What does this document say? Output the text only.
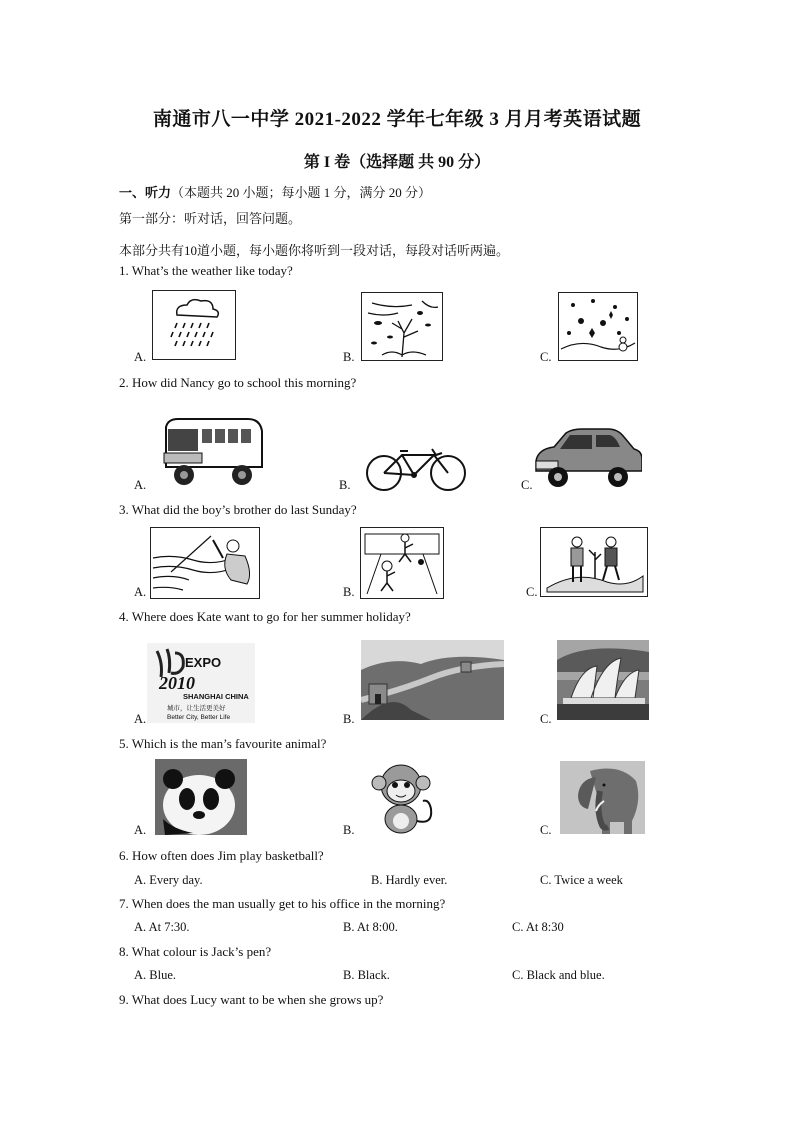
南通市八一中学 2021-2022 学年七年级 3 月月考英语试题
第 I 卷（选择题 共 90 分）
一、听力（本题共 20 小题；每小题 1 分，满分 20 分）
第一部分：听对话，回答问题。
本部分共有10道小题，每小题你将听到一段对话，每段对话听两遍。
1. What’s the weather like today?
A.	B.	C.
2. How did Nancy go to school this morning?
A.	B.	C.
3. What did the boy’s brother do last Sunday?
A.	B.	C.
4. Where does Kate want to go for her summer holiday?
EXPO
2010
SHANGHAI CHINA
城市，让生活更美好
Better City, Better Life
A.	B.	C.
5. Which is the man’s favourite animal?
A.	B.	C.
6. How often does Jim play basketball?
A. Every day.	B. Hardly ever.	C. Twice a week
7. When does the man usually get to his office in the morning?
A. At 7:30.	B. At 8:00.	C. At 8:30
8. What colour is Jack’s pen?
A. Blue.	B. Black.	C. Black and blue.
9. What does Lucy want to be when she grows up?
